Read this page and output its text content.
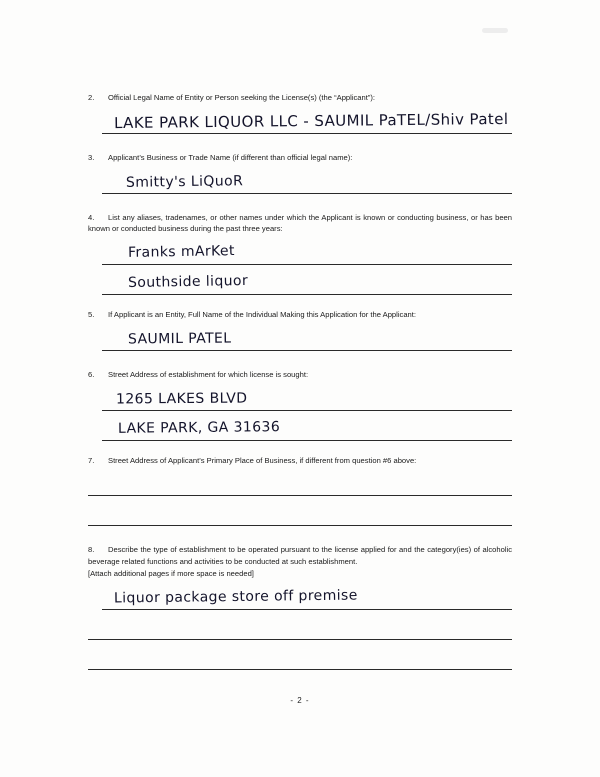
2. Official Legal Name of Entity or Person seeking the License(s) (the “Applicant”):
LAKE PARK LIQUOR LLC - SAUMIL PaTEL/Shiv Patel
3. Applicant’s Business or Trade Name (if different than official legal name):
Smitty's LiQuoR
4. List any aliases, tradenames, or other names under which the Applicant is known or conducting business, or has been known or conducted business during the past three years:
Franks mArKet
Southside liquor
5. If Applicant is an Entity, Full Name of the Individual Making this Application for the Applicant:
SAUMIL PATEL
6. Street Address of establishment for which license is sought:
1265 LAKES BLVD
LAKE PARK, GA 31636
7. Street Address of Applicant’s Primary Place of Business, if different from question #6 above:
8. Describe the type of establishment to be operated pursuant to the license applied for and the category(ies) of alcoholic beverage related functions and activities to be conducted at such establishment.
[Attach additional pages if more space is needed]
Liquor package store off premise
- 2 -
